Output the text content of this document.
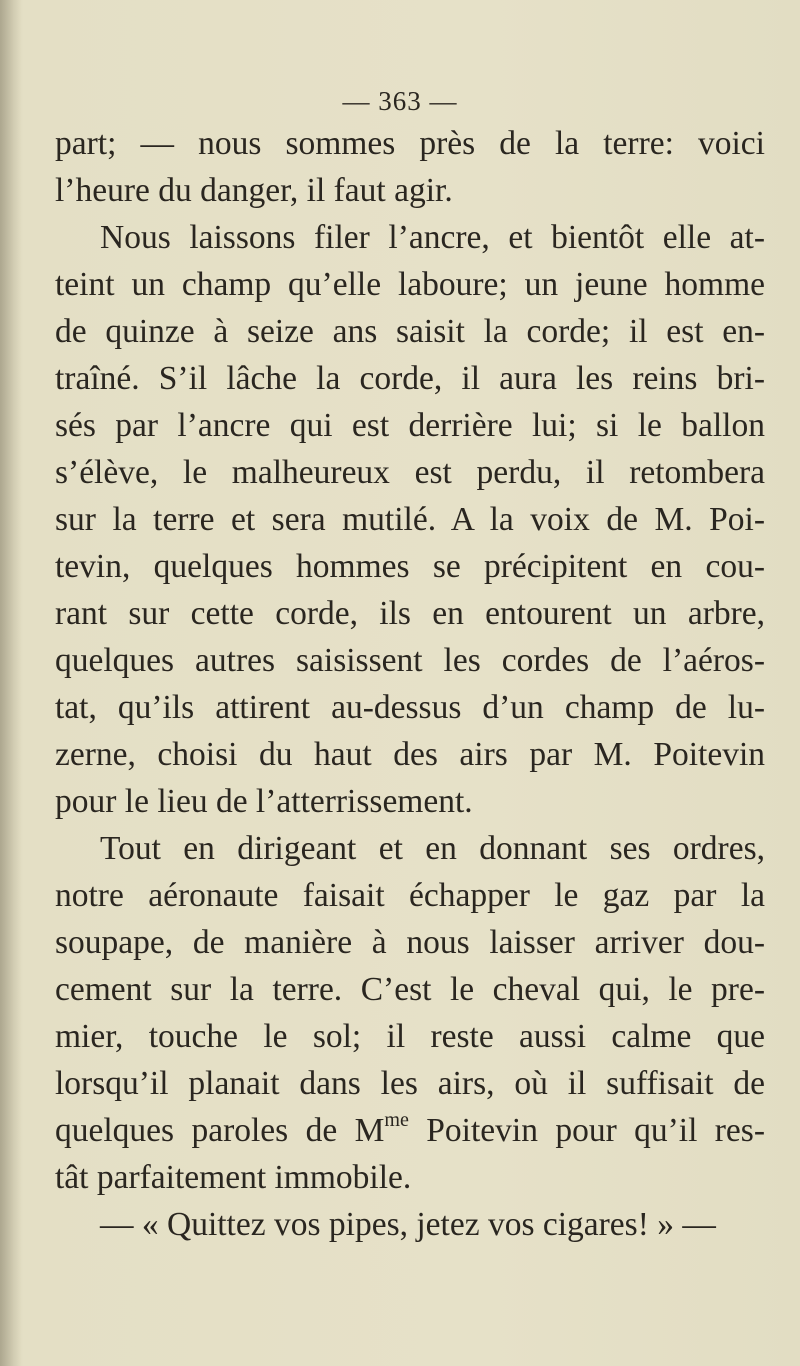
— 363 —
part; — nous sommes près de la terre: voici
l’heure du danger, il faut agir.
Nous laissons filer l’ancre, et bientôt elle at-
teint un champ qu’elle laboure; un jeune homme
de quinze à seize ans saisit la corde; il est en-
traîné. S’il lâche la corde, il aura les reins bri-
sés par l’ancre qui est derrière lui; si le ballon
s’élève, le malheureux est perdu, il retombera
sur la terre et sera mutilé. A la voix de M. Poi-
tevin, quelques hommes se précipitent en cou-
rant sur cette corde, ils en entourent un arbre,
quelques autres saisissent les cordes de l’aéros-
tat, qu’ils attirent au-dessus d’un champ de lu-
zerne, choisi du haut des airs par M. Poitevin
pour le lieu de l’atterrissement.
Tout en dirigeant et en donnant ses ordres,
notre aéronaute faisait échapper le gaz par la
soupape, de manière à nous laisser arriver dou-
cement sur la terre. C’est le cheval qui, le pre-
mier, touche le sol; il reste aussi calme que
lorsqu’il planait dans les airs, où il suffisait de
quelques paroles de $M^{me}$ Poitevin pour qu’il res-
tât parfaitement immobile.
— « Quittez vos pipes, jetez vos cigares! » —
